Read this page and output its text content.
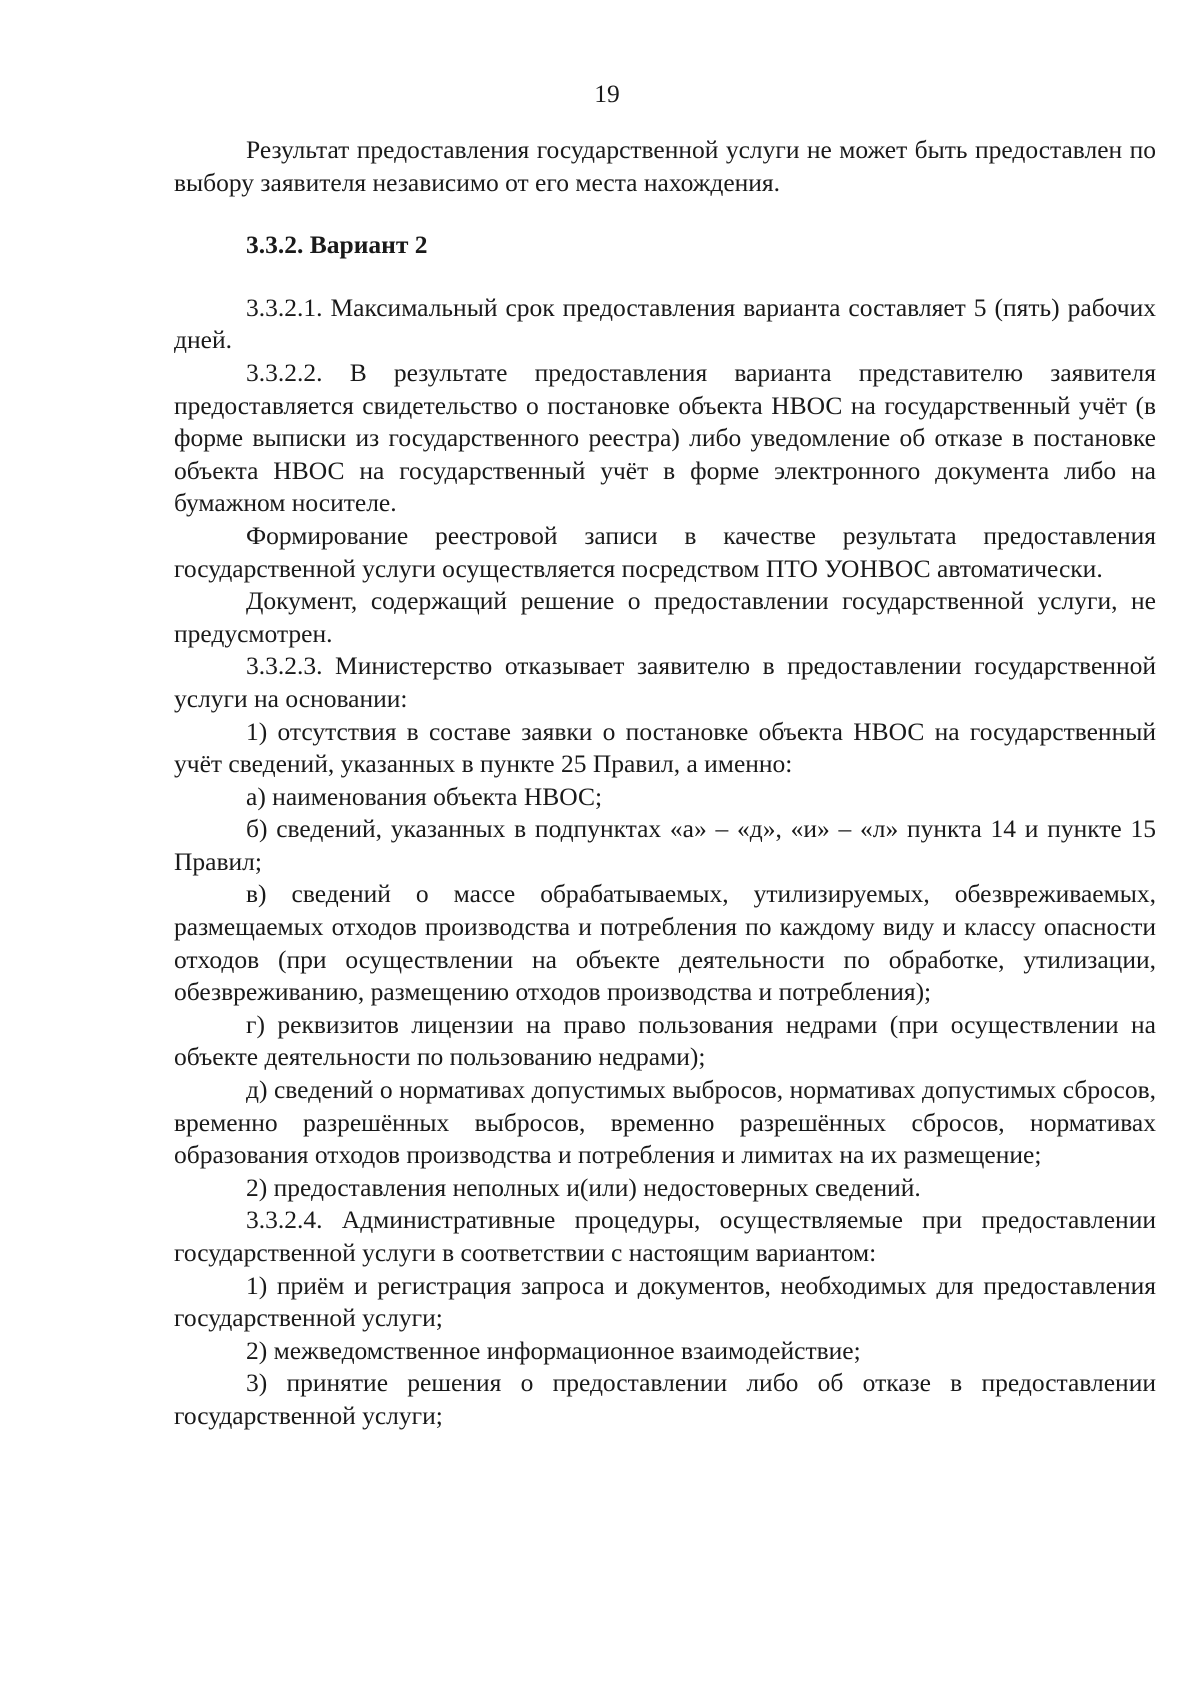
19

Результат предоставления государственной услуги не может быть предоставлен по выбору заявителя независимо от его места нахождения.

3.3.2. Вариант 2

3.3.2.1. Максимальный срок предоставления варианта составляет 5 (пять) рабочих дней.

3.3.2.2. В результате предоставления варианта представителю заявителя предоставляется свидетельство о постановке объекта НВОС на государственный учёт (в форме выписки из государственного реестра) либо уведомление об отказе в постановке объекта НВОС на государственный учёт в форме электронного документа либо на бумажном носителе.

Формирование реестровой записи в качестве результата предоставления государственной услуги осуществляется посредством ПТО УОНВОС автоматически.

Документ, содержащий решение о предоставлении государственной услуги, не предусмотрен.

3.3.2.3. Министерство отказывает заявителю в предоставлении государственной услуги на основании:

1) отсутствия в составе заявки о постановке объекта НВОС на государственный учёт сведений, указанных в пункте 25 Правил, а именно:

а) наименования объекта НВОС;

б) сведений, указанных в подпунктах «а» – «д», «и» – «л» пункта 14 и пункте 15 Правил;

в) сведений о массе обрабатываемых, утилизируемых, обезвреживаемых, размещаемых отходов производства и потребления по каждому виду и классу опасности отходов (при осуществлении на объекте деятельности по обработке, утилизации, обезвреживанию, размещению отходов производства и потребления);

г) реквизитов лицензии на право пользования недрами (при осуществлении на объекте деятельности по пользованию недрами);

д) сведений о нормативах допустимых выбросов, нормативах допустимых сбросов, временно разрешённых выбросов, временно разрешённых сбросов, нормативах образования отходов производства и потребления и лимитах на их размещение;

2) предоставления неполных и(или) недостоверных сведений.

3.3.2.4. Административные процедуры, осуществляемые при предоставлении государственной услуги в соответствии с настоящим вариантом:

1) приём и регистрация запроса и документов, необходимых для предоставления государственной услуги;

2) межведомственное информационное взаимодействие;

3) принятие решения о предоставлении либо об отказе в предоставлении государственной услуги;
